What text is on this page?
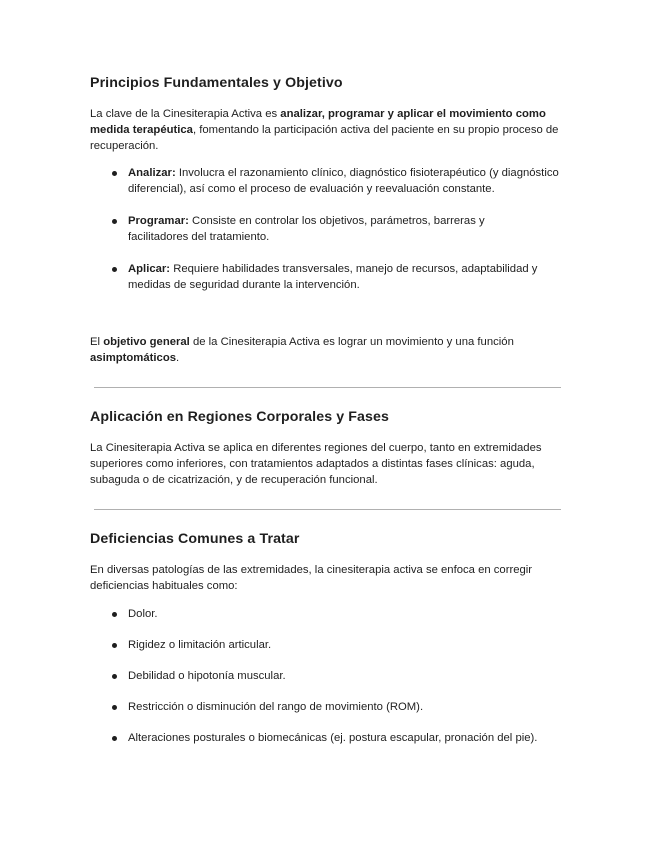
Principios Fundamentales y Objetivo

La clave de la Cinesiterapia Activa es analizar, programar y aplicar el movimiento como medida terapéutica, fomentando la participación activa del paciente en su propio proceso de recuperación.

Analizar: Involucra el razonamiento clínico, diagnóstico fisioterapéutico (y diagnóstico diferencial), así como el proceso de evaluación y reevaluación constante.
Programar: Consiste en controlar los objetivos, parámetros, barreras y facilitadores del tratamiento.
Aplicar: Requiere habilidades transversales, manejo de recursos, adaptabilidad y medidas de seguridad durante la intervención.

El objetivo general de la Cinesiterapia Activa es lograr un movimiento y una función asimptomáticos.

Aplicación en Regiones Corporales y Fases

La Cinesiterapia Activa se aplica en diferentes regiones del cuerpo, tanto en extremidades superiores como inferiores, con tratamientos adaptados a distintas fases clínicas: aguda, subaguda o de cicatrización, y de recuperación funcional.

Deficiencias Comunes a Tratar

En diversas patologías de las extremidades, la cinesiterapia activa se enfoca en corregir deficiencias habituales como:

Dolor.
Rigidez o limitación articular.
Debilidad o hipotonía muscular.
Restricción o disminución del rango de movimiento (ROM).
Alteraciones posturales o biomecánicas (ej. postura escapular, pronación del pie).
